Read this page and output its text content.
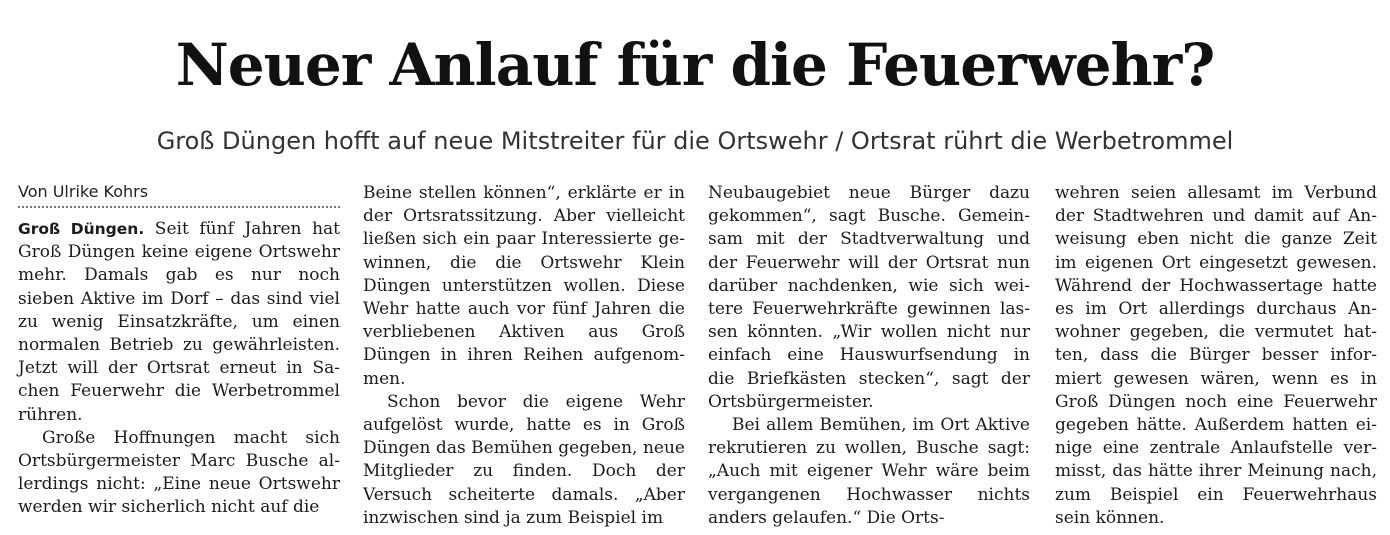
Neuer Anlauf für die Feuerwehr?
Groß Düngen hofft auf neue Mitstreiter für die Ortswehr / Ortsrat rührt die Werbetrommel
Von Ulrike Kohrs

Groß Düngen. Seit fünf Jahren hat Groß Düngen keine eigene Ortswehr mehr. Damals gab es nur noch sieben Aktive im Dorf – das sind viel zu wenig Einsatzkräfte, um einen normalen Betrieb zu gewährleisten. Jetzt will der Ortsrat erneut in Sachen Feuerwehr die Werbetrommel rühren.

Große Hoffnungen macht sich Ortsbürgermeister Marc Busche allerdings nicht: „Eine neue Ortswehr werden wir sicherlich nicht auf die

Beine stellen können“, erklärte er in der Ortsratssitzung. Aber vielleicht ließen sich ein paar Interessierte gewinnen, die die Ortswehr Klein Düngen unterstützen wollen. Diese Wehr hatte auch vor fünf Jahren die verbliebenen Aktiven aus Groß Düngen in ihren Reihen aufgenommen.

Schon bevor die eigene Wehr aufgelöst wurde, hatte es in Groß Düngen das Bemühen gegeben, neue Mitglieder zu finden. Doch der Versuch scheiterte damals. „Aber inzwischen sind ja zum Beispiel im

Neubaugebiet neue Bürger dazu gekommen“, sagt Busche. Gemeinsam mit der Stadtverwaltung und der Feuerwehr will der Ortsrat nun darüber nachdenken, wie sich weitere Feuerwehrkräfte gewinnen lassen könnten. „Wir wollen nicht nur einfach eine Hauswurfsendung in die Briefkästen stecken“, sagt der Ortsbürgermeister.

Bei allem Bemühen, im Ort Aktive rekrutieren zu wollen, Busche sagt: „Auch mit eigener Wehr wäre beim vergangenen Hochwasser nichts anders gelaufen.“ Die Orts-

wehren seien allesamt im Verbund der Stadtwehren und damit auf Anweisung eben nicht die ganze Zeit im eigenen Ort eingesetzt gewesen. Während der Hochwassertage hatte es im Ort allerdings durchaus Anwohner gegeben, die vermutet hatten, dass die Bürger besser informiert gewesen wären, wenn es in Groß Düngen noch eine Feuerwehr gegeben hätte. Außerdem hatten einige eine zentrale Anlaufstelle vermisst, das hätte ihrer Meinung nach, zum Beispiel ein Feuerwehrhaus sein können.
